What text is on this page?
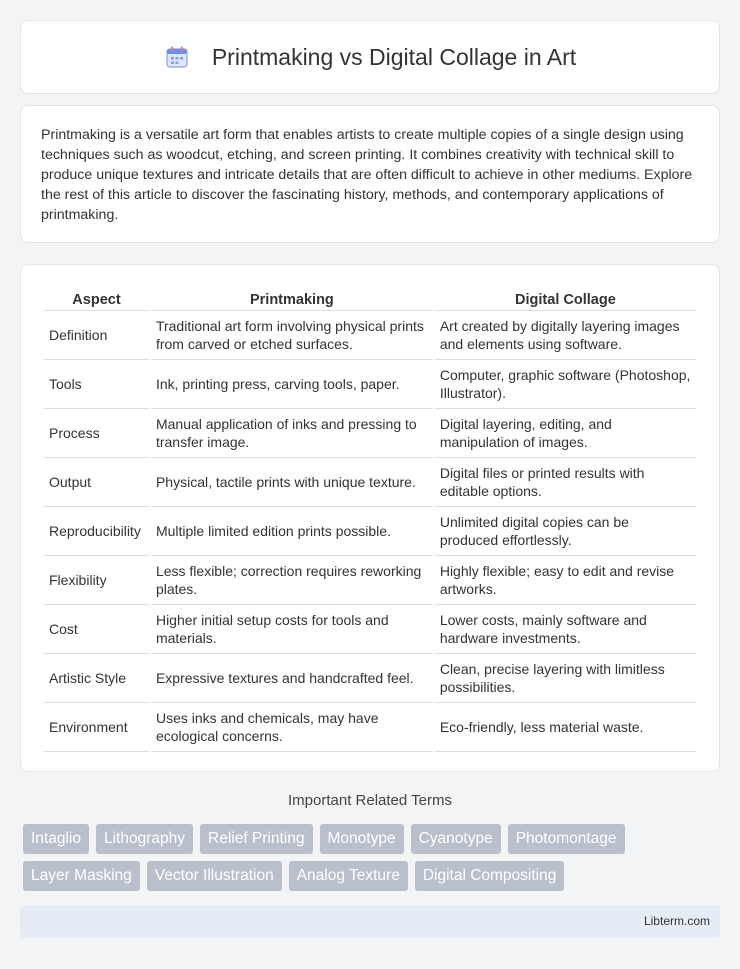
Printmaking vs Digital Collage in Art

Printmaking is a versatile art form that enables artists to create multiple copies of a single design using techniques such as woodcut, etching, and screen printing. It combines creativity with technical skill to produce unique textures and intricate details that are often difficult to achieve in other mediums. Explore the rest of this article to discover the fascinating history, methods, and contemporary applications of printmaking.

Aspect	Printmaking	Digital Collage
Definition	Traditional art form involving physical prints from carved or etched surfaces.	Art created by digitally layering images and elements using software.
Tools	Ink, printing press, carving tools, paper.	Computer, graphic software (Photoshop, Illustrator).
Process	Manual application of inks and pressing to transfer image.	Digital layering, editing, and manipulation of images.
Output	Physical, tactile prints with unique texture.	Digital files or printed results with editable options.
Reproducibility	Multiple limited edition prints possible.	Unlimited digital copies can be produced effortlessly.
Flexibility	Less flexible; correction requires reworking plates.	Highly flexible; easy to edit and revise artworks.
Cost	Higher initial setup costs for tools and materials.	Lower costs, mainly software and hardware investments.
Artistic Style	Expressive textures and handcrafted feel.	Clean, precise layering with limitless possibilities.
Environment	Uses inks and chemicals, may have ecological concerns.	Eco-friendly, less material waste.
Important Related Terms
Intaglio	Lithography	Relief Printing	Monotype	Cyanotype	Photomontage
Layer Masking	Vector Illustration	Analog Texture	Digital Compositing
Libterm.com
